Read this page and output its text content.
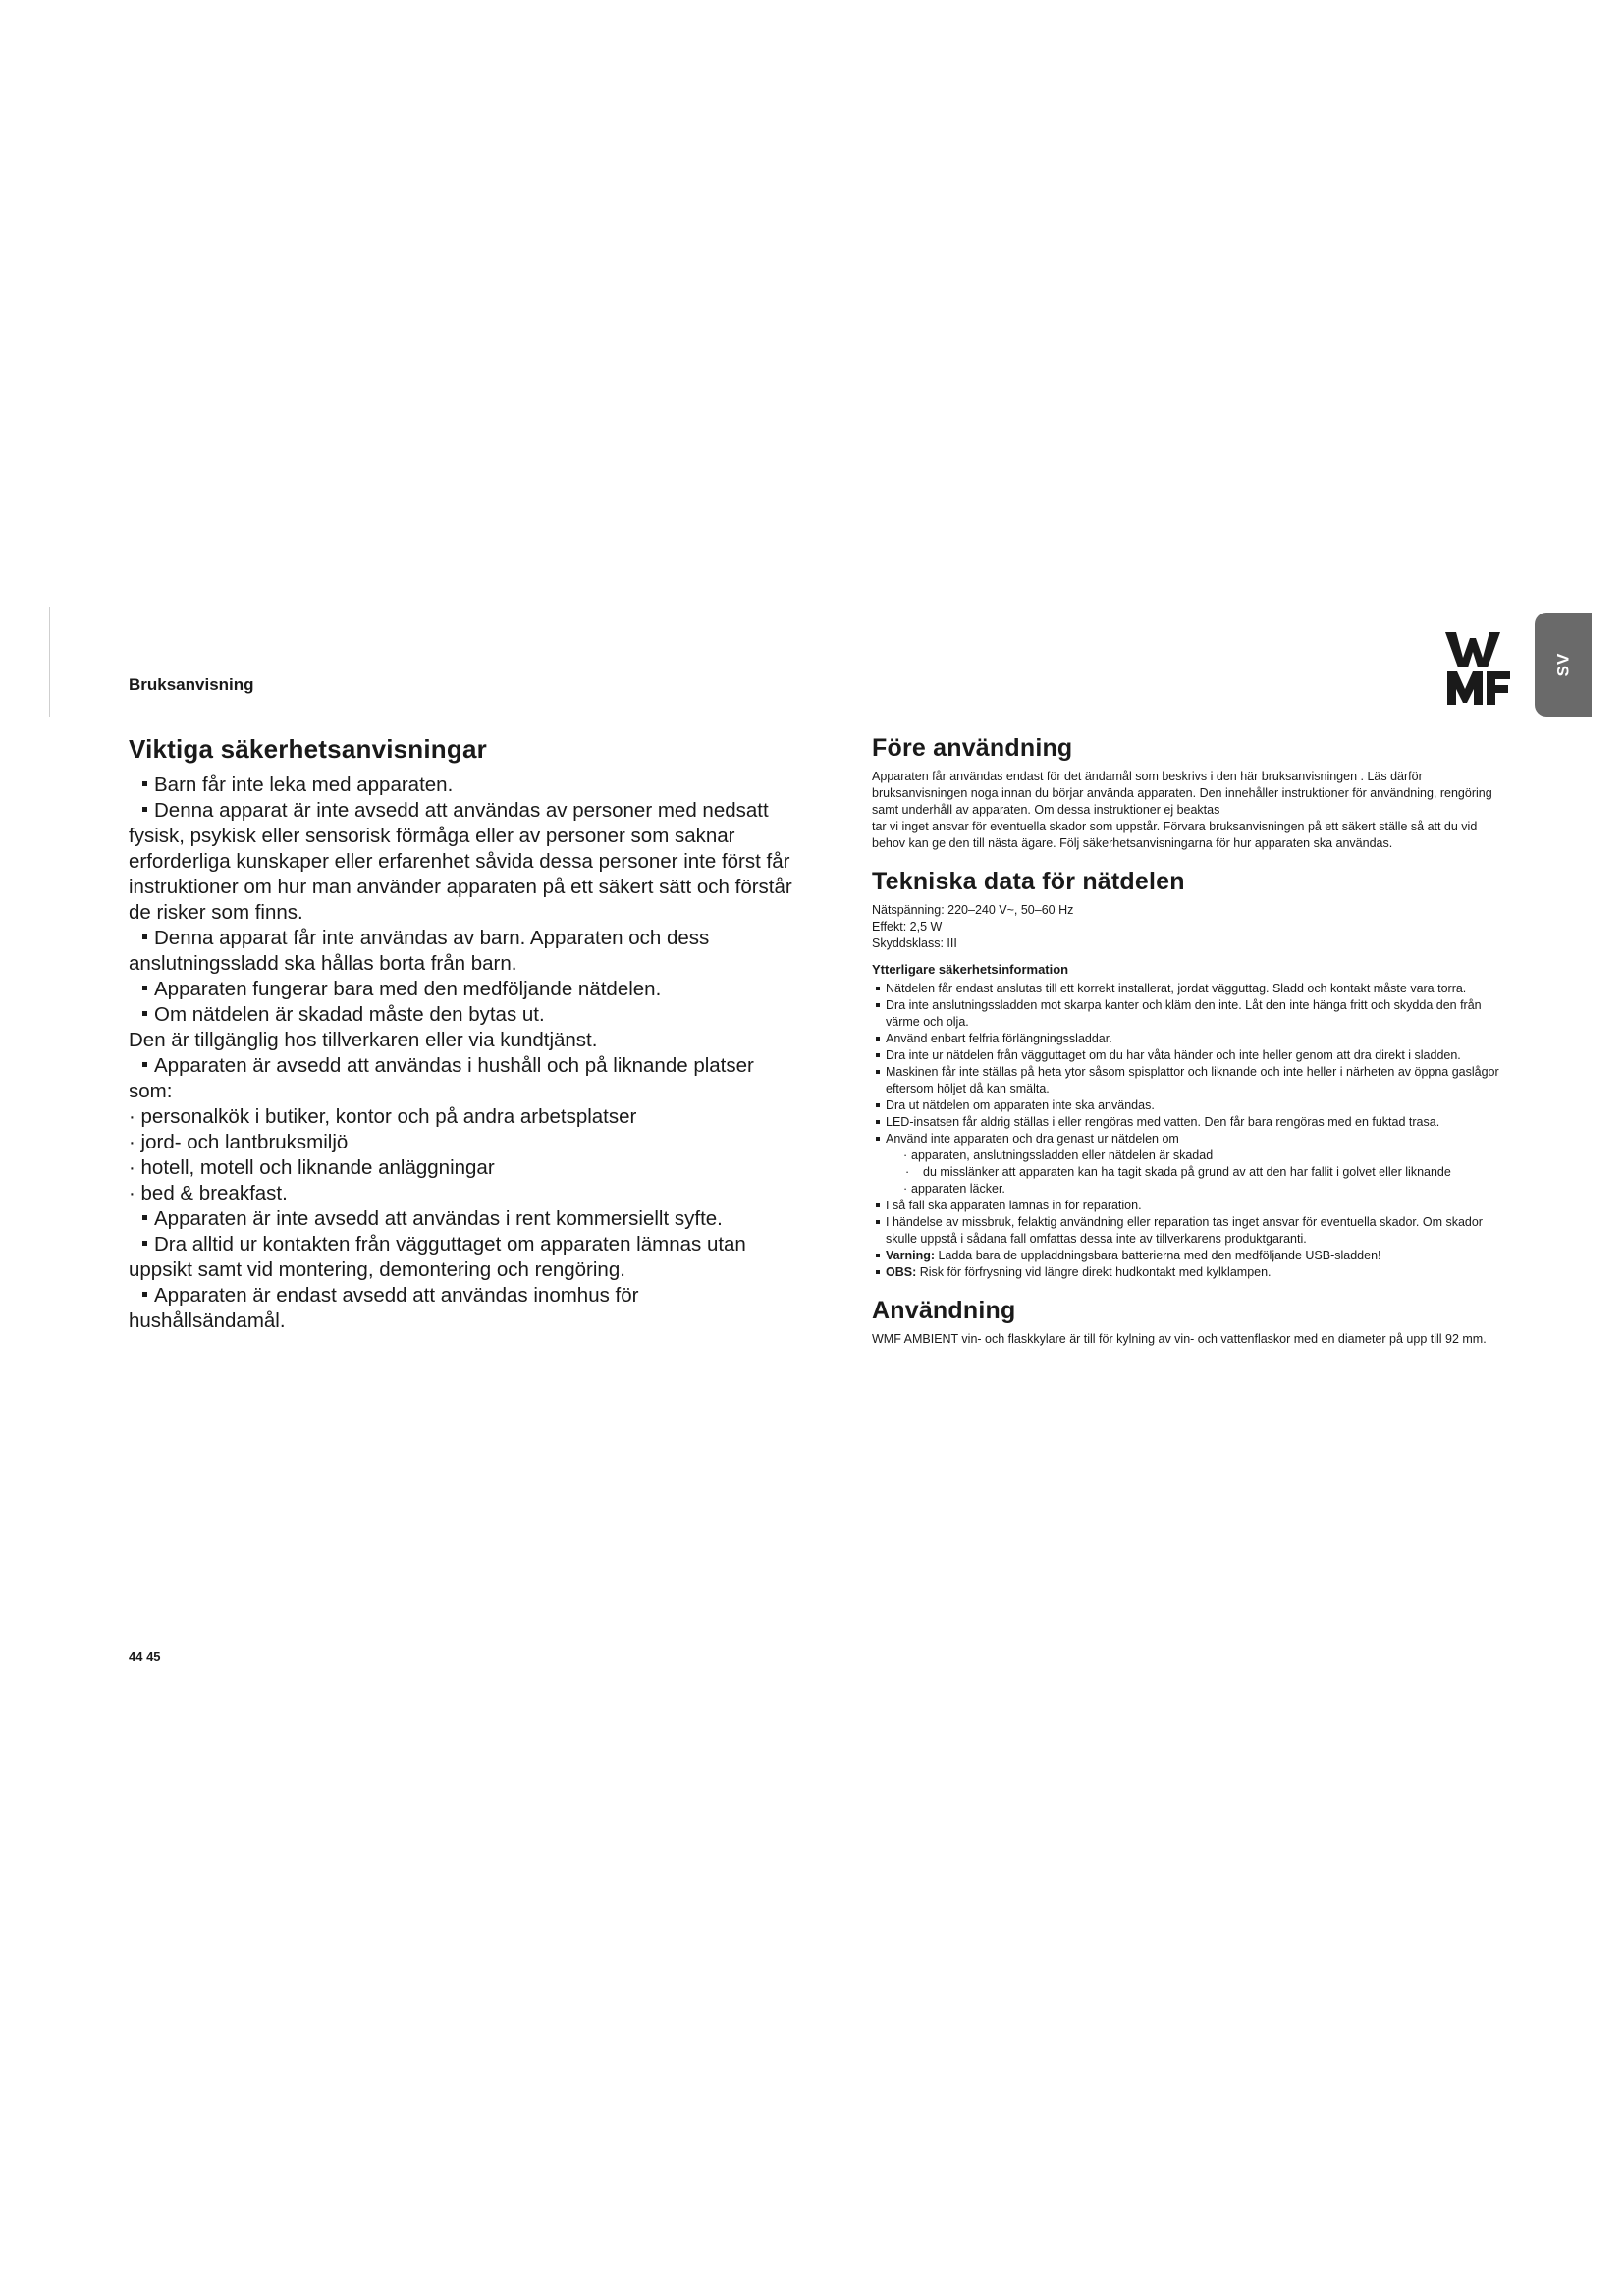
Bruksanvisning
SV
Viktiga säkerhetsanvisningar

Barn får inte leka med apparaten.

Denna apparat är inte avsedd att användas av personer med nedsatt fysisk, psykisk eller sensorisk förmåga eller av personer som saknar erforderliga kunskaper eller erfarenhet såvida dessa personer inte först får instruktioner om hur man använder apparaten på ett säkert sätt och förstår de risker som finns.

Denna apparat får inte användas av barn. Apparaten och dess anslutningssladd ska hållas borta från barn.

Apparaten fungerar bara med den medföljande nätdelen.

Om nätdelen är skadad måste den bytas ut.

Den är tillgänglig hos tillverkaren eller via kundtjänst.

Apparaten är avsedd att användas i hushåll och på liknande platser som:

· personalkök i butiker, kontor och på andra arbetsplatser

· jord- och lantbruksmiljö

· hotell, motell och liknande anläggningar

· bed & breakfast.

Apparaten är inte avsedd att användas i rent kommersiellt syfte.

Dra alltid ur kontakten från vägguttaget om apparaten lämnas utan uppsikt samt vid montering, demontering och rengöring.

Apparaten är endast avsedd att användas inomhus för hushållsändamål.

Före användning

Apparaten får användas endast för det ändamål som beskrivs i den här bruksanvisningen . Läs därför bruksanvisningen noga innan du börjar använda apparaten. Den innehåller instruktioner för användning, rengöring samt underhåll av apparaten. Om dessa instruktioner ej beaktas

tar vi inget ansvar för eventuella skador som uppstår. Förvara bruksanvisningen på ett säkert ställe så att du vid behov kan ge den till nästa ägare. Följ säkerhetsanvisningarna för hur apparaten ska användas.

Tekniska data för nätdelen

Nätspänning: 220–240 V~, 50–60 Hz

Effekt: 2,5 W

Skyddsklass: III

Ytterligare säkerhetsinformation
Nätdelen får endast anslutas till ett korrekt installerat, jordat vägguttag. Sladd och kontakt måste vara torra.
Dra inte anslutningssladden mot skarpa kanter och kläm den inte. Låt den inte hänga fritt och skydda den från värme och olja.
Använd enbart felfria förlängningssladdar.
Dra inte ur nätdelen från vägguttaget om du har våta händer och inte heller genom att dra direkt i sladden.
Maskinen får inte ställas på heta ytor såsom spisplattor och liknande och inte heller i närheten av öppna gaslågor eftersom höljet då kan smälta.
Dra ut nätdelen om apparaten inte ska användas.
LED-insatsen får aldrig ställas i eller rengöras med vatten. Den får bara rengöras med en fuktad trasa.
Använd inte apparaten och dra genast ur nätdelen om

· apparaten, anslutningssladden eller nätdelen är skadad

· du misslänker att apparaten kan ha tagit skada på grund av att den har fallit i golvet eller liknande

· apparaten läcker.

I så fall ska apparaten lämnas in för reparation.
I händelse av missbruk, felaktig användning eller reparation tas inget ansvar för eventuella skador. Om skador skulle uppstå i sådana fall omfattas dessa inte av tillverkarens produktgaranti.
Varning: Ladda bara de uppladdningsbara batterierna med den medföljande USB-sladden!
OBS: Risk för förfrysning vid längre direkt hudkontakt med kylklampen.
Användning

WMF AMBIENT vin- och flaskkylare är till för kylning av vin- och vattenflaskor med en diameter på upp till 92 mm.

44 45
